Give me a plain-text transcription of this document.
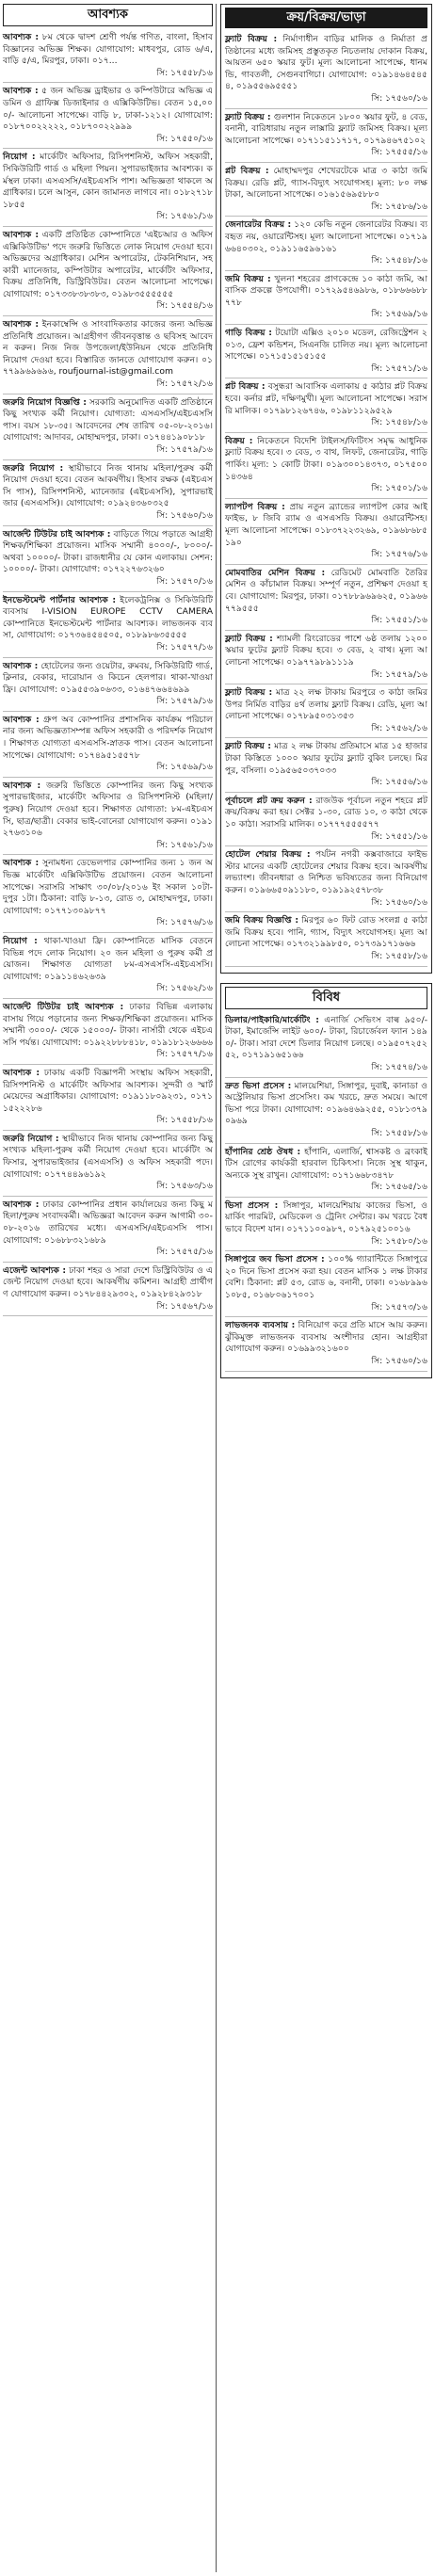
আবশ্যক
আবশ্যক : ৮ম থেকে দ্বাদশ শ্রেণী পর্যন্ত গণিত, বাংলা, হিসাববিজ্ঞানের অভিজ্ঞ শিক্ষক। যোগাযোগ: মাধবপুর, রোড ৬/এ, বাড়ি ৫/এ, মিরপুর, ঢাকা। ০১৭...
সি: ১৭৫৫৮/১৬
আবশ্যক : ৫ জন অভিজ্ঞ ড্রাইভার ও কম্পিউটারে অভিজ্ঞ এডমিন ও গ্রাফিক্স ডিজাইনার ও এক্সিকিউটিভ। বেতন ১৫,০০০/- আলোচনা সাপেক্ষে। বাড়ি ৮, ঢাকা-১২১২। যোগাযোগ: ০১৮৭০০২২২২২, ০১৮৭০০২২৯৯৯
সি: ১৭৫৫০/১৬
নিয়োগ : মার্কেটিং অফিসার, রিসিপশনিস্ট, অফিস সহকারী, সিকিউরিটি গার্ড ও মহিলা পিয়ন। সুপারভাইজার আবশ্যক। কর্মস্থল ঢাকা। এসএসসি/এইচএসসি পাশ। অভিজ্ঞতা থাকলে অগ্রাধিকার। চলে আসুন, কোন জামানত লাগবে না। ০১৮২৭১৮১৮৫৫
সি: ১৭৫৬১/১৬
আবশ্যক : একটি প্রতিষ্ঠিত কোম্পানিতে 'এইচআর ও অফিস এক্সিকিউটিভ' পদে জরুরি ভিত্তিতে লোক নিয়োগ দেওয়া হবে। অভিজ্ঞদের অগ্রাধিকার। মেশিন অপারেটর, টেকনিশিয়ান, সহকারী ম্যানেজার, কম্পিউটার অপারেটর, মার্কেটিং অফিসার, বিক্রয় প্রতিনিধি, ডিস্ট্রিবিউটর। বেতন আলোচনা সাপেক্ষে। যোগাযোগ: ০১৭৩৩৮৩৮৩৮৩, ০১৯৮৩৫৫৫৫৫৫
সি: ১৭৫৫৪/১৬
আবশ্যক : ইনকাম্বেন্সি ও সাংবাদিকতার কাজের জন্য অভিজ্ঞ প্রতিনিধি প্রয়োজন। আগ্রহীগণ জীবনবৃত্তান্ত ও ছবিসহ আবেদন করুন। নিজ নিজ উপজেলা/ইউনিয়ন থেকে প্রতিনিধি নিয়োগ দেওয়া হবে। বিস্তারিত জানতে যোগাযোগ করুন। ০১৭৭৯৯৬৯৬৯৬, roufjournal-ist@gmail.com
সি: ১৭৫৭২/১৬
জরুরি নিয়োগ বিজ্ঞপ্তি : সরকারি অনুমোদিত একটি প্রতিষ্ঠানে কিছু সংখ্যক কর্মী নিয়োগ। যোগ্যতা: এসএসসি/এইচএসসি পাস। বয়স ১৮-৩৫। আবেদনের শেষ তারিখ ০৫-০৮-২০১৬। যোগাযোগ: আদাবর, মোহাম্মদপুর, ঢাকা। ০১৭৪৪১৯০৮১৮
সি: ১৭৫৭৯/১৬
জরুরি নিয়োগ : স্থায়ীভাবে নিজ থানায় মহিলা/পুরুষ কর্মী নিয়োগ দেওয়া হবে। বেতন আকর্ষণীয়। হিসাব রক্ষক (এইচএসসি পাস), রিসিপশনিস্ট, ম্যানেজার (এইচএসসি), সুপারভাইজার (এসএসসি)। যোগাযোগ: ০১৯২৪৩৬০৩২৫
সি: ১৭৫৬০/১৬
আর্জেন্ট টিউটর চাই আবশ্যক : বাড়িতে গিয়ে পড়াতে আগ্রহী শিক্ষক/শিক্ষিকা প্রয়োজন। মাসিক সম্মানী ৪০০০/-, ৮০০০/- অথবা ১০০০০/- টাকা। রাজধানীর যে কোন এলাকায়। সেশন: ১০০০০/- টাকা। যোগাযোগ: ০১৭২২৭৬৩২৬০
সি: ১৭৫৭০/১৬
ইনভেস্টমেন্ট পার্টনার আবশ্যক : ইলেকট্রনিক্স ও সিকিউরিটি ব্যবসায় I-VISION EUROPE CCTV CAMERA কোম্পানিতে ইনভেস্টমেন্ট পার্টনার আবশ্যক। লাভজনক ব্যবসা, যোগাযোগ: ০১৭৩৬৪৫৪৫০৫, ০১৮৯৮৬৩৫৫৫৫
সি: ১৭৫৭৭/১৬
আবশ্যক : হোটেলের জন্য ওয়েটার, রুমবয়, সিকিউরিটি গার্ড, ক্লিনার, বেকার, দারোয়ান ও কিচেন হেলপার। থাকা-খাওয়া ফ্রি। যোগাযোগ: ০১৯৫৫৩৯০৬৩৩, ০১৬৪৭৬৬৪৬৯৯
সি: ১৭৫৭৯/১৬
আবশ্যক : গ্রুপ অব কোম্পানির প্রশাসনিক কার্যক্রম পরিচালনার জন্য অভিজ্ঞতাসম্পন্ন অফিস সহকারী ও পরিদর্শক নিয়োগ। শিক্ষাগত যোগ্যতা এসএসসি-স্নাতক পাস। বেতন আলোচনা সাপেক্ষে। যোগাযোগ: ০১৭৪৯৫১৫৫৭৮
সি: ১৭৫৬৯/১৬
আবশ্যক : জরুরি ভিত্তিতে কোম্পানির জন্য কিছু সংখ্যক সুপারভাইজার, মার্কেটিং অফিসার ও রিসিপশনিস্ট (মহিলা/পুরুষ) নিয়োগ দেওয়া হবে। শিক্ষাগত যোগ্যতা: ৮ম-এইচএসসি, ছাত্র/ছাত্রী। বেকার ভাই-বোনেরা যোগাযোগ করুন। ০১৯১২৭৬৩১০৬
সি: ১৭৫৬১/১৬
আবশ্যক : সুনামধন্য ডেভেলপার কোম্পানির জন্য ১ জন অভিজ্ঞ মার্কেটিং এক্সিকিউটিভ প্রয়োজন। বেতন আলোচনা সাপেক্ষে। সরাসরি সাক্ষাৎ ৩০/০৮/২০১৬ ইং সকাল ১০টা-দুপুর ১টা। ঠিকানা: বাড়ি ৮-১৩, রোড ৩, মোহাম্মদপুর, ঢাকা। যোগাযোগ: ০১৭৭১৩০৯৮৭৭
সি: ১৭৫৭৬/১৬
নিয়োগ : থাকা-খাওয়া ফ্রি। কোম্পানিতে মাসিক বেতনে বিভিন্ন পদে লোক নিয়োগ। ২০ জন মহিলা ও পুরুষ কর্মী প্রয়োজন। শিক্ষাগত যোগ্যতা ৮ম-এসএসসি-এইচএসসি। যোগাযোগ: ০১৯১১৪৬২৬৩৯
সি: ১৭৫৬২/১৬
আর্জেন্ট টিউটর চাই আবশ্যক : ঢাকার বিভিন্ন এলাকায় বাসায় গিয়ে পড়ানোর জন্য শিক্ষক/শিক্ষিকা প্রয়োজন। মাসিক সম্মানী ৩০০০/- থেকে ১৫০০০/- টাকা। নার্সারী থেকে এইচএসসি পর্যন্ত। যোগাযোগ: ০১৯২২৮৮৮৪১৮, ০১৯১৮১২৬৬৬৬
সি: ১৭৫৭৭/১৬
আবশ্যক : ঢাকায় একটি বিজ্ঞাপনী সংস্থায় অফিস সহকারী, রিসিপশনিস্ট ও মার্কেটিং অফিসার আবশ্যক। সুন্দরী ও স্মার্ট মেয়েদের অগ্রাধিকার। যোগাযোগ: ০১৯১১৮০৯২৩১, ০১৭১১৫২২২৮৬
সি: ১৭৫৫৮/১৬
জরুরি নিয়োগ : স্থায়ীভাবে নিজ থানায় কোম্পানির জন্য কিছু সংখ্যক মহিলা-পুরুষ কর্মী নিয়োগ দেওয়া হবে। মার্কেটিং অফিসার, সুপারভাইজার (এসএসসি) ও অফিস সহকারী পদে। যোগাযোগ: ০১৭৭৪৪৯৬১৯২
সি: ১৭৫৬৩/১৬
আবশ্যক : ঢাকার কোম্পানির প্রধান কার্যালয়ের জন্য কিছু মহিলা/পুরুষ সংবাদকর্মী। অভিজ্ঞরা আবেদন করুন আগামী ৩০-০৮-২০১৬ তারিখের মধ্যে। এসএসসি/এইচএসসি পাস। যোগাযোগ: ০১৬৮৮৩২১৬৮৯
সি: ১৭৫৭৫/১৬
এজেন্ট আবশ্যক : ঢাকা শহর ও সারা দেশে ডিস্ট্রিবিউটর ও এজেন্ট নিয়োগ দেওয়া হবে। আকর্ষণীয় কমিশন। আগ্রহী প্রার্থীগণ যোগাযোগ করুন। ০১৭৮৪৪২৯৩০২, ০১৯২৮৪২৯৩১৮
সি: ১৭৫৬৭/১৬
ক্রয়/বিক্রয়/ভাড়া
ফ্ল্যাট বিক্রয় : নির্মাণাধীন বাড়ির মালিক ও নির্মাতা প্রতিষ্ঠানের মধ্যে জমিসহ প্রস্তুতকৃত নিচতলায় দোকান বিক্রয়, আয়তন ৬৫০ স্কয়ার ফুট। মূল্য আলোচনা সাপেক্ষে, ধানমন্ডি, গাবতলী, সেগুনবাগিচা। যোগাযোগ: ০১৯১৪৬৪৫৪৫৪, ০১৯৫৫৬৯৫৫৫১
সি: ১৭৫৬০/১৬
ফ্ল্যাট বিক্রয় : গুলশান নিকেতনে ১৮০০ স্কয়ার ফুট, ৪ বেড, বনানী, বারিধারায় নতুন লাক্সারি ফ্ল্যাট জমিসহ বিক্রয়। মূল্য আলোচনা সাপেক্ষে। ০১৭১১৫১১৭১৭, ০১৭৯৪৬৭৫১০২
সি: ১৭৫৫৫/১৬
প্লট বিক্রয় : মোহাম্মদপুর শেখেরটেকে মাত্র ৩ কাঠা জমি বিক্রয়। রেডি প্লট, গ্যাস-বিদ্যুৎ সংযোগসহ। মূল্য: ৮০ লক্ষ টাকা, আলোচনা সাপেক্ষে। ০১৬১৫৬৯৫৮৮০
সি: ১৭৫৮৬/১৬
জেনারেটর বিক্রয় : ১২০ কেভি নতুন জেনারেটর বিক্রয়। ব্যবহৃত নয়, ওয়ারেন্টিসহ। মূল্য আলোচনা সাপেক্ষে। ০১৭১৯৬৬৪০৩০২, ০১৯১১৬৫৯৬১৬১
সি: ১৭৫৪৮/১৬
জমি বিক্রয় : খুলনা শহরের প্রাণকেন্দ্রে ১০ কাঠা জমি, আবাসিক প্রকল্পে উপযোগী। ০১৭২৯৫৪৬৯৮৬, ০১৮৬৬৬৮৮৭৭৮
সি: ১৭৫৬৯/১৬
গাড়ি বিক্রয় : টয়োটা এক্সিও ২০১০ মডেল, রেজিস্ট্রেশন ২০১৩, ফ্রেশ কন্ডিশন, সিএনজি চালিত নয়। মূল্য আলোচনা সাপেক্ষে। ০১৭১৫১৫১৫১৫৫
সি: ১৭৫৭১/১৬
প্লট বিক্রয় : বসুন্ধরা আবাসিক এলাকায় ৫ কাঠার প্লট বিক্রয় হবে। কর্নার প্লট, দক্ষিণমুখী। মূল্য আলোচনা সাপেক্ষে। সরাসরি মালিক। ০১৭৯৮১২৬৭৪৬, ০১৯৮১১২৯৫২৯
সি: ১৭৫৪৮/১৬
বিক্রয় : নিকেতনে বিদেশি টাইলস/ফিটিংস সমৃদ্ধ আধুনিক ফ্ল্যাট বিক্রয় হবে। ৩ বেড, ৩ বাথ, লিফট, জেনারেটর, গাড়ি পার্কিং। মূল্য: ১ কোটি টাকা। ০১৯৩০০১৪৩৭৩, ০১৭৫০০১৪৩৬৪
সি: ১৭৫০১/১৬
ল্যাপটপ বিক্রয় : প্রায় নতুন ব্র্যান্ডের ল্যাপটপ কোর আই ফাইভ, ৮ জিবি র‍্যাম ও এসএসডি বিক্রয়। ওয়ারেন্টিসহ। মূল্য আলোচনা সাপেক্ষে। ০১৮৩৭২২৩২৬৯, ০১৯৬৮৬৮৫১৯০
সি: ১৭৫৭৬/১৬
মোমবাতির মেশিন বিক্রয় : রেডিমেট মোমবাতি তৈরির মেশিন ও কাঁচামাল বিক্রয়। সম্পূর্ণ নতুন, প্রশিক্ষণ দেওয়া হবে। যোগাযোগ: মিরপুর, ঢাকা। ০১৭৮৮৯৬৯৬২৫, ০১৯৬৬৭৭৯৫৫৫
সি: ১৭৫৫১/১৬
ফ্ল্যাট বিক্রয় : শ্যামলী রিংরোডের পাশে ৬ষ্ঠ তলায় ১২০০ স্কয়ার ফুটের ফ্ল্যাট বিক্রয় হবে। ৩ বেড, ২ বাথ। মূল্য আলোচনা সাপেক্ষে। ০১৯৭৭৯৮৯১১১৯
সি: ১৭৫৭৯/১৬
ফ্ল্যাট বিক্রয় : মাত্র ২২ লক্ষ টাকায় মিরপুরে ৩ কাঠা জমির উপর নির্মিত বাড়ির ৪র্থ তলায় ফ্ল্যাট বিক্রয়। রেডি, মূল্য আলোচনা সাপেক্ষে। ০১৭৮৯৫০৩১৩৫৩
সি: ১৭৫৬২/১৬
ফ্ল্যাট বিক্রয় : মাত্র ২ লক্ষ টাকায় প্রতিমাসে মাত্র ১৫ হাজার টাকা কিস্তিতে ১০০০ স্কয়ার ফুটের ফ্ল্যাট বুকিং চলছে। মিরপুর, বসিলা। ০১৯৫৬৫০৩৭০৩৩
সি: ১৭৫৫৬/১৬
পূর্বাচলে প্লট ক্রয় করুন : রাজউক পূর্বাচল নতুন শহরে প্লট ক্রয়/বিক্রয় করা হয়। সেক্টর ১-৩০, রোড ১০, ৩ কাঠা থেকে ১০ কাঠা। সরাসরি মালিক। ০১৭৭৭৫৫৫৫৭৭
সি: ১৭৫৫১/১৬
হোটেল শেয়ার বিক্রয় : পর্যটন নগরী কক্সবাজারে ফাইভ স্টার মানের একটি হোটেলের শেয়ার বিক্রয় হবে। আকর্ষণীয় লভ্যাংশ। জীবনধারা ও নিশ্চিত ভবিষ্যতের জন্য বিনিয়োগ করুন। ০১৯৬৬৫০৯১১৮০, ০১৯১৯২৫৭৮৩৮
সি: ১৭৫৬০/১৬
জমি বিক্রয় বিজ্ঞপ্তি : মিরপুর ৬০ ফিট রোড সংলগ্ন ৫ কাঠা জমি বিক্রয় হবে। পানি, গ্যাস, বিদ্যুৎ সংযোগসহ। মূল্য আলোচনা সাপেক্ষে। ০১৭৩২১৯৯৮৫০, ০১৭৩৯১৭১৬৬৬
সি: ১৭৫৫৮/১৬
বিবিধ
ডিলার/পাইকারি/মার্কেটিং : এনার্জি সেভিংস বাল্ব ৯৫০/- টাকা, ইমার্জেন্সি লাইট ৬০০/- টাকা, রিচার্জেবল ফ্যান ১৪৯০/- টাকা। সারা দেশে ডিলার নিয়োগ চলছে। ০১৯৫০৭২৫২৫২, ০১৭১৯১৬৫১৬৬
সি: ১৭৫৭৪/১৬
দ্রুত ভিসা প্রসেস : মালয়েশিয়া, সিঙ্গাপুর, দুবাই, কানাডা ও অস্ট্রেলিয়ার ভিসা প্রসেসিং। কম খরচে, দ্রুত সময়ে। আগে ভিসা পরে টাকা। যোগাযোগ: ০১৯৬৪৬৯২৫৫, ০১৮১৩৭৯০৯৬৯
সি: ১৭৫৫৮/১৬
হাঁপানির শ্রেষ্ঠ ঔষধ : হাঁপানি, এলার্জি, শ্বাসকষ্ট ও ব্রংকাইটিস রোগের কার্যকরী হারবাল চিকিৎসা। নিজে সুস্থ থাকুন, অন্যকে সুস্থ রাখুন। যোগাযোগ: ০১৭১৬৬৮৩৪৭৮
সি: ১৭৫৬৫/১৬
ভিসা প্রসেস : সিঙ্গাপুর, মালয়েশিয়ায় কাজের ভিসা, ওয়ার্কিং পারমিট, মেডিকেল ও ট্রেনিং সেন্টার। কম খরচে বৈধভাবে বিদেশ যান। ০১৭১১০০৯৮৭, ০১৭৯২৫১০০১৬
সি: ১৭৫৮০/১৬
সিঙ্গাপুরে জব ভিসা প্রসেস : ১০০% গ্যারান্টিতে সিঙ্গাপুরে ২০ দিনে ভিসা প্রসেস করা হয়। বেতন মাসিক ১ লক্ষ টাকার বেশি। ঠিকানা: প্লট ৫৩, রোড ৬, বনানী, ঢাকা। ০১৬৮৯৯৬১০৮৫, ০১৬৮০৬১৭০০১
সি: ১৭৫৭৩/১৬
লাভজনক ব্যবসায় : বিনিয়োগ করে প্রতি মাসে আয় করুন। ঝুঁকিমুক্ত লাভজনক ব্যবসায় অংশীদার হোন। আগ্রহীরা যোগাযোগ করুন। ০১৬৯৯৩২১৬০০
সি: ১৭৫৬০/১৬
